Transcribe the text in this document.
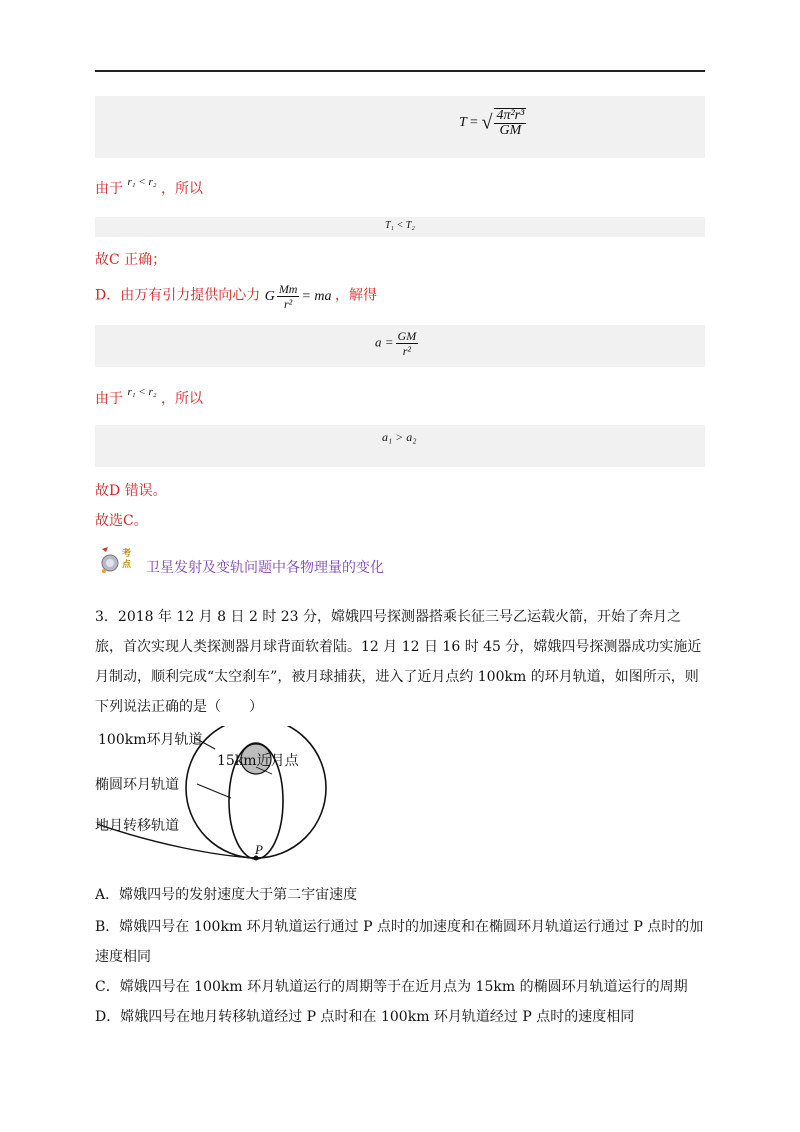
T = √ $\frac{\text{4π²r³}}{GM}$
由于 $^{r_1 < r_2}$ ，所以
T₁ < T₂
故C 正确；
D．由万有引力提供向心力 G $\frac{Mm}{\text{r²}}$ = ma ，解得
$a = \frac{GM}{\text{r²}}$
由于 $^{r_1 < r_2}$ ，所以
a₁ > a₂
故D 错误。
故选C。
考点 卫星发射及变轨问题中各物理量的变化
3．2018 年 12 月 8 日 2 时 23 分，嫦娥四号探测器搭乘长征三号乙运载火箭，开始了奔月之旅，首次实现人类探测器月球背面软着陆。12 月 12 日 16 时 45 分，嫦娥四号探测器成功实施近月制动，顺利完成“太空刹车”，被月球捕获，进入了近月点约 100km 的环月轨道，如图所示，则下列说法正确的是（　　）
100km环月轨道
15km近月点
椭圆环月轨道
地月转移轨道
P
A．嫦娥四号的发射速度大于第二宇宙速度
B．嫦娥四号在 100km 环月轨道运行通过 P 点时的加速度和在椭圆环月轨道运行通过 P 点时的加速度相同
C．嫦娥四号在 100km 环月轨道运行的周期等于在近月点为 15km 的椭圆环月轨道运行的周期
D．嫦娥四号在地月转移轨道经过 P 点时和在 100km 环月轨道经过 P 点时的速度相同
